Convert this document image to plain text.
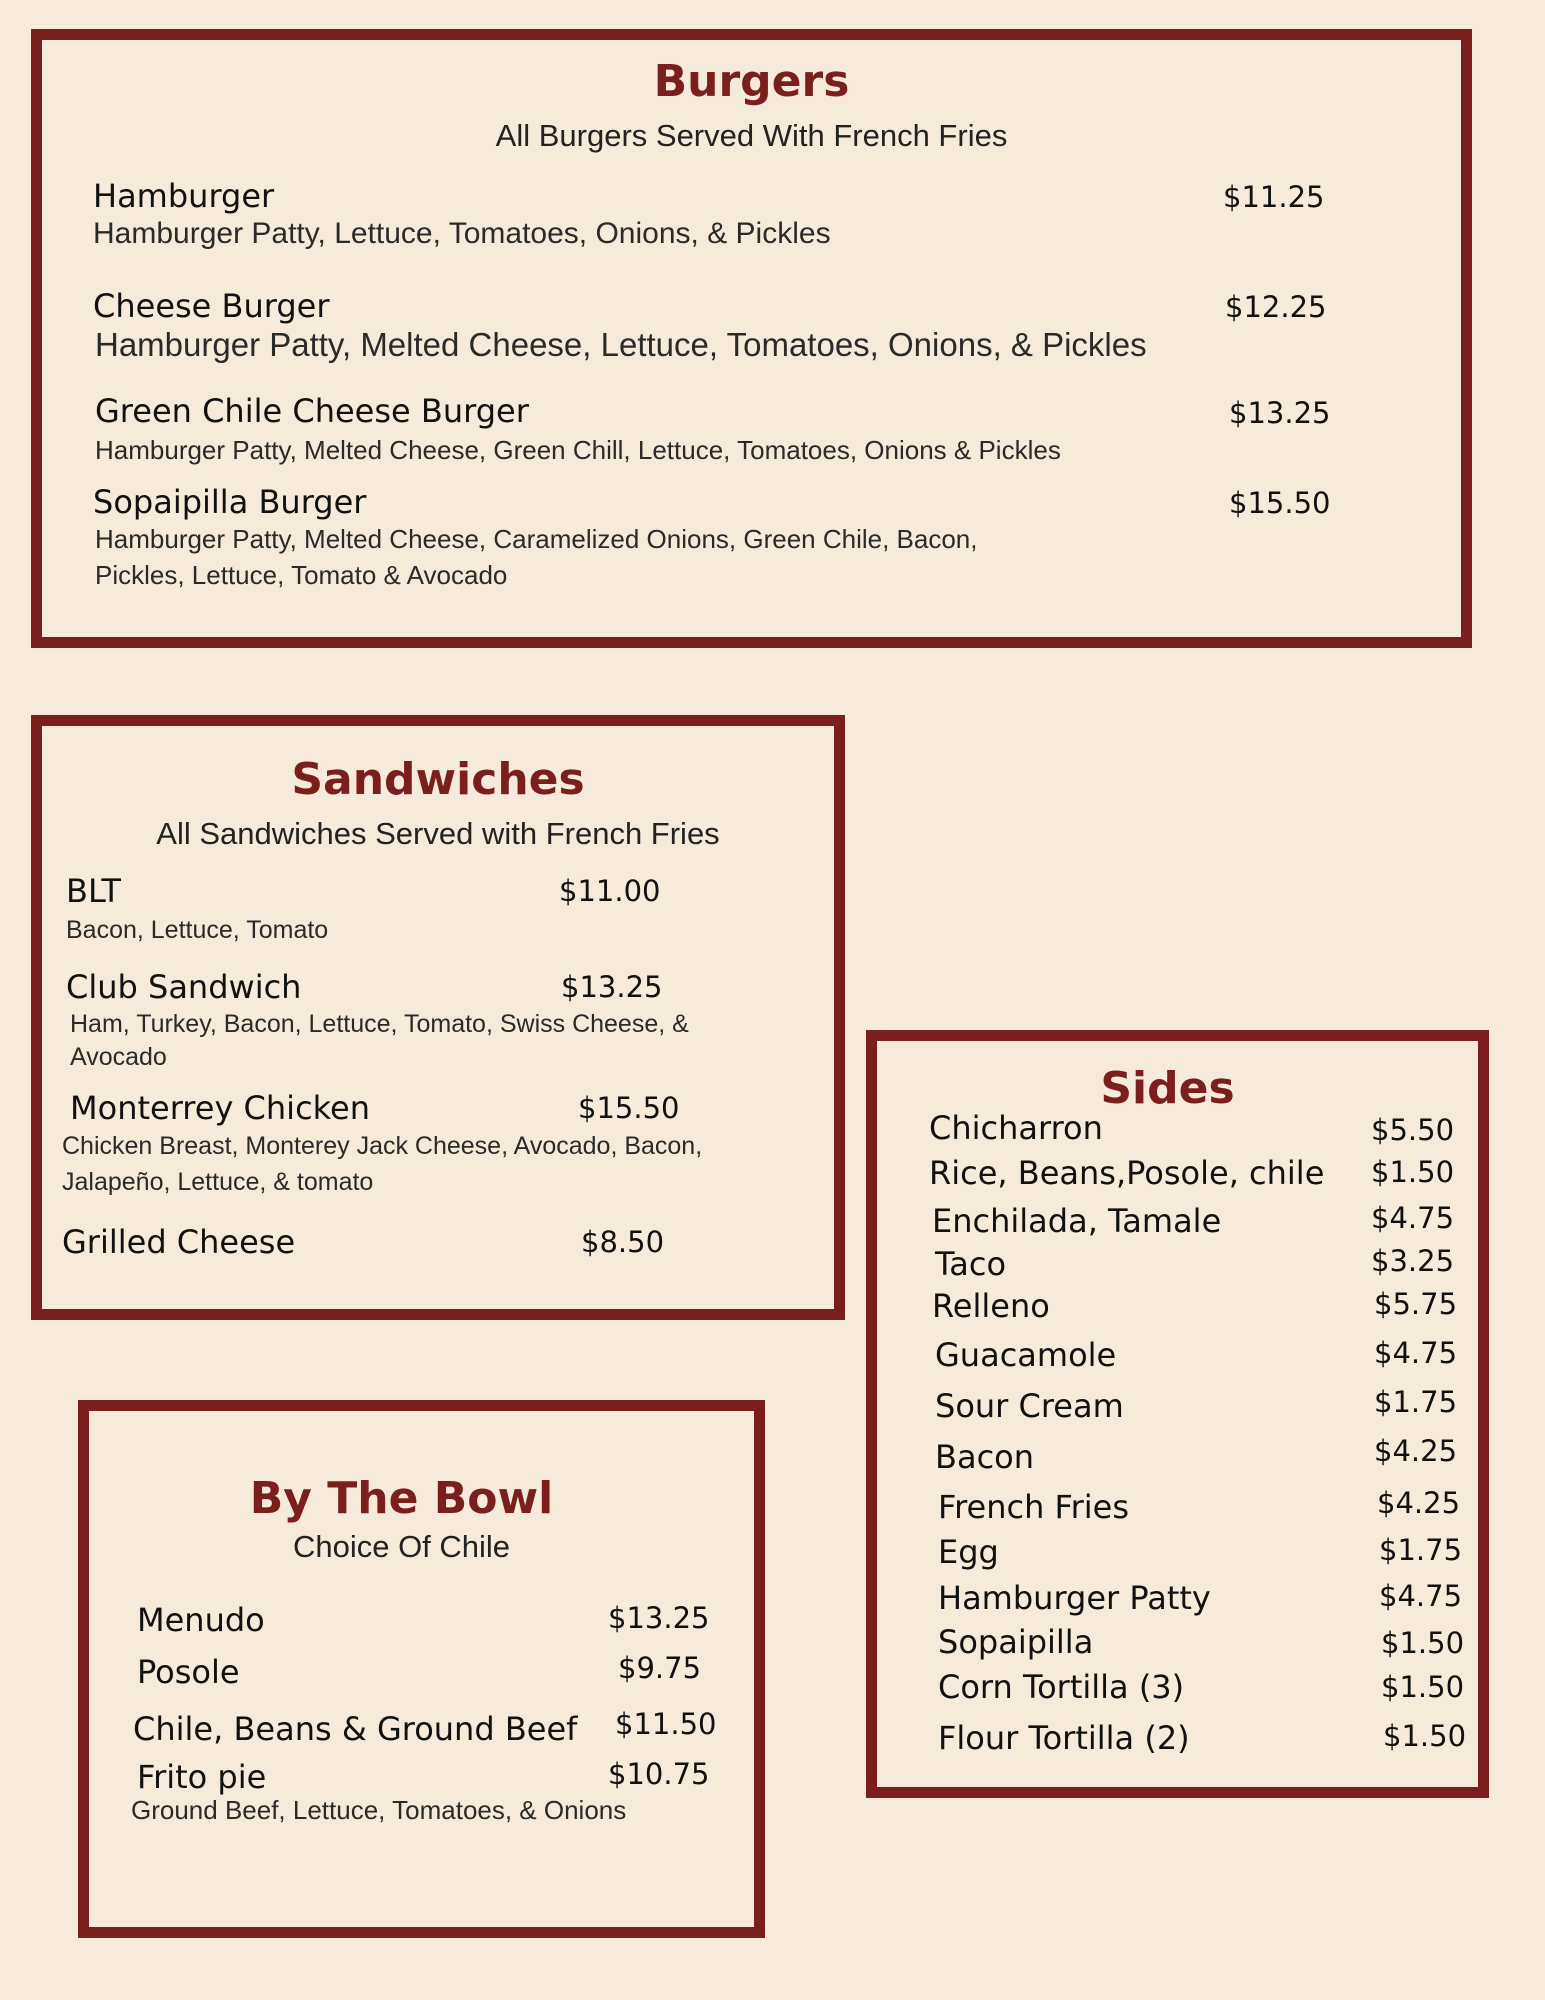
Burgers
All Burgers Served With French Fries
Hamburger	$11.25
Hamburger Patty, Lettuce, Tomatoes, Onions, & Pickles
Cheese Burger	$12.25
Hamburger Patty, Melted Cheese, Lettuce, Tomatoes, Onions, & Pickles
Green Chile Cheese Burger	$13.25
Hamburger Patty, Melted Cheese, Green Chill, Lettuce, Tomatoes, Onions & Pickles
Sopaipilla Burger	$15.50
Hamburger Patty, Melted Cheese, Caramelized Onions, Green Chile, Bacon, Pickles, Lettuce, Tomato & Avocado
Sandwiches
All Sandwiches Served with French Fries
BLT	$11.00
Bacon, Lettuce, Tomato
Club Sandwich	$13.25
Ham, Turkey, Bacon, Lettuce, Tomato, Swiss Cheese, & Avocado
Monterrey Chicken	$15.50
Chicken Breast, Monterey Jack Cheese, Avocado, Bacon, Jalapeño, Lettuce, & tomato
Grilled Cheese	$8.50
By The Bowl
Choice Of Chile
Menudo	$13.25
Posole	$9.75
Chile, Beans & Ground Beef $11.50
Frito pie	$10.75
Ground Beef, Lettuce, Tomatoes, & Onions
Sides
Chicharron	$5.50
Rice, Beans,Posole, chile $1.50
Enchilada, Tamale	$4.75
Taco	$3.25
Relleno	$5.75
Guacamole	$4.75
Sour Cream	$1.75
Bacon	$4.25
French Fries	$4.25
Egg	$1.75
Hamburger Patty	$4.75
Sopaipilla	$1.50
Corn Tortilla (3)	$1.50
Flour Tortilla (2)	$1.50
